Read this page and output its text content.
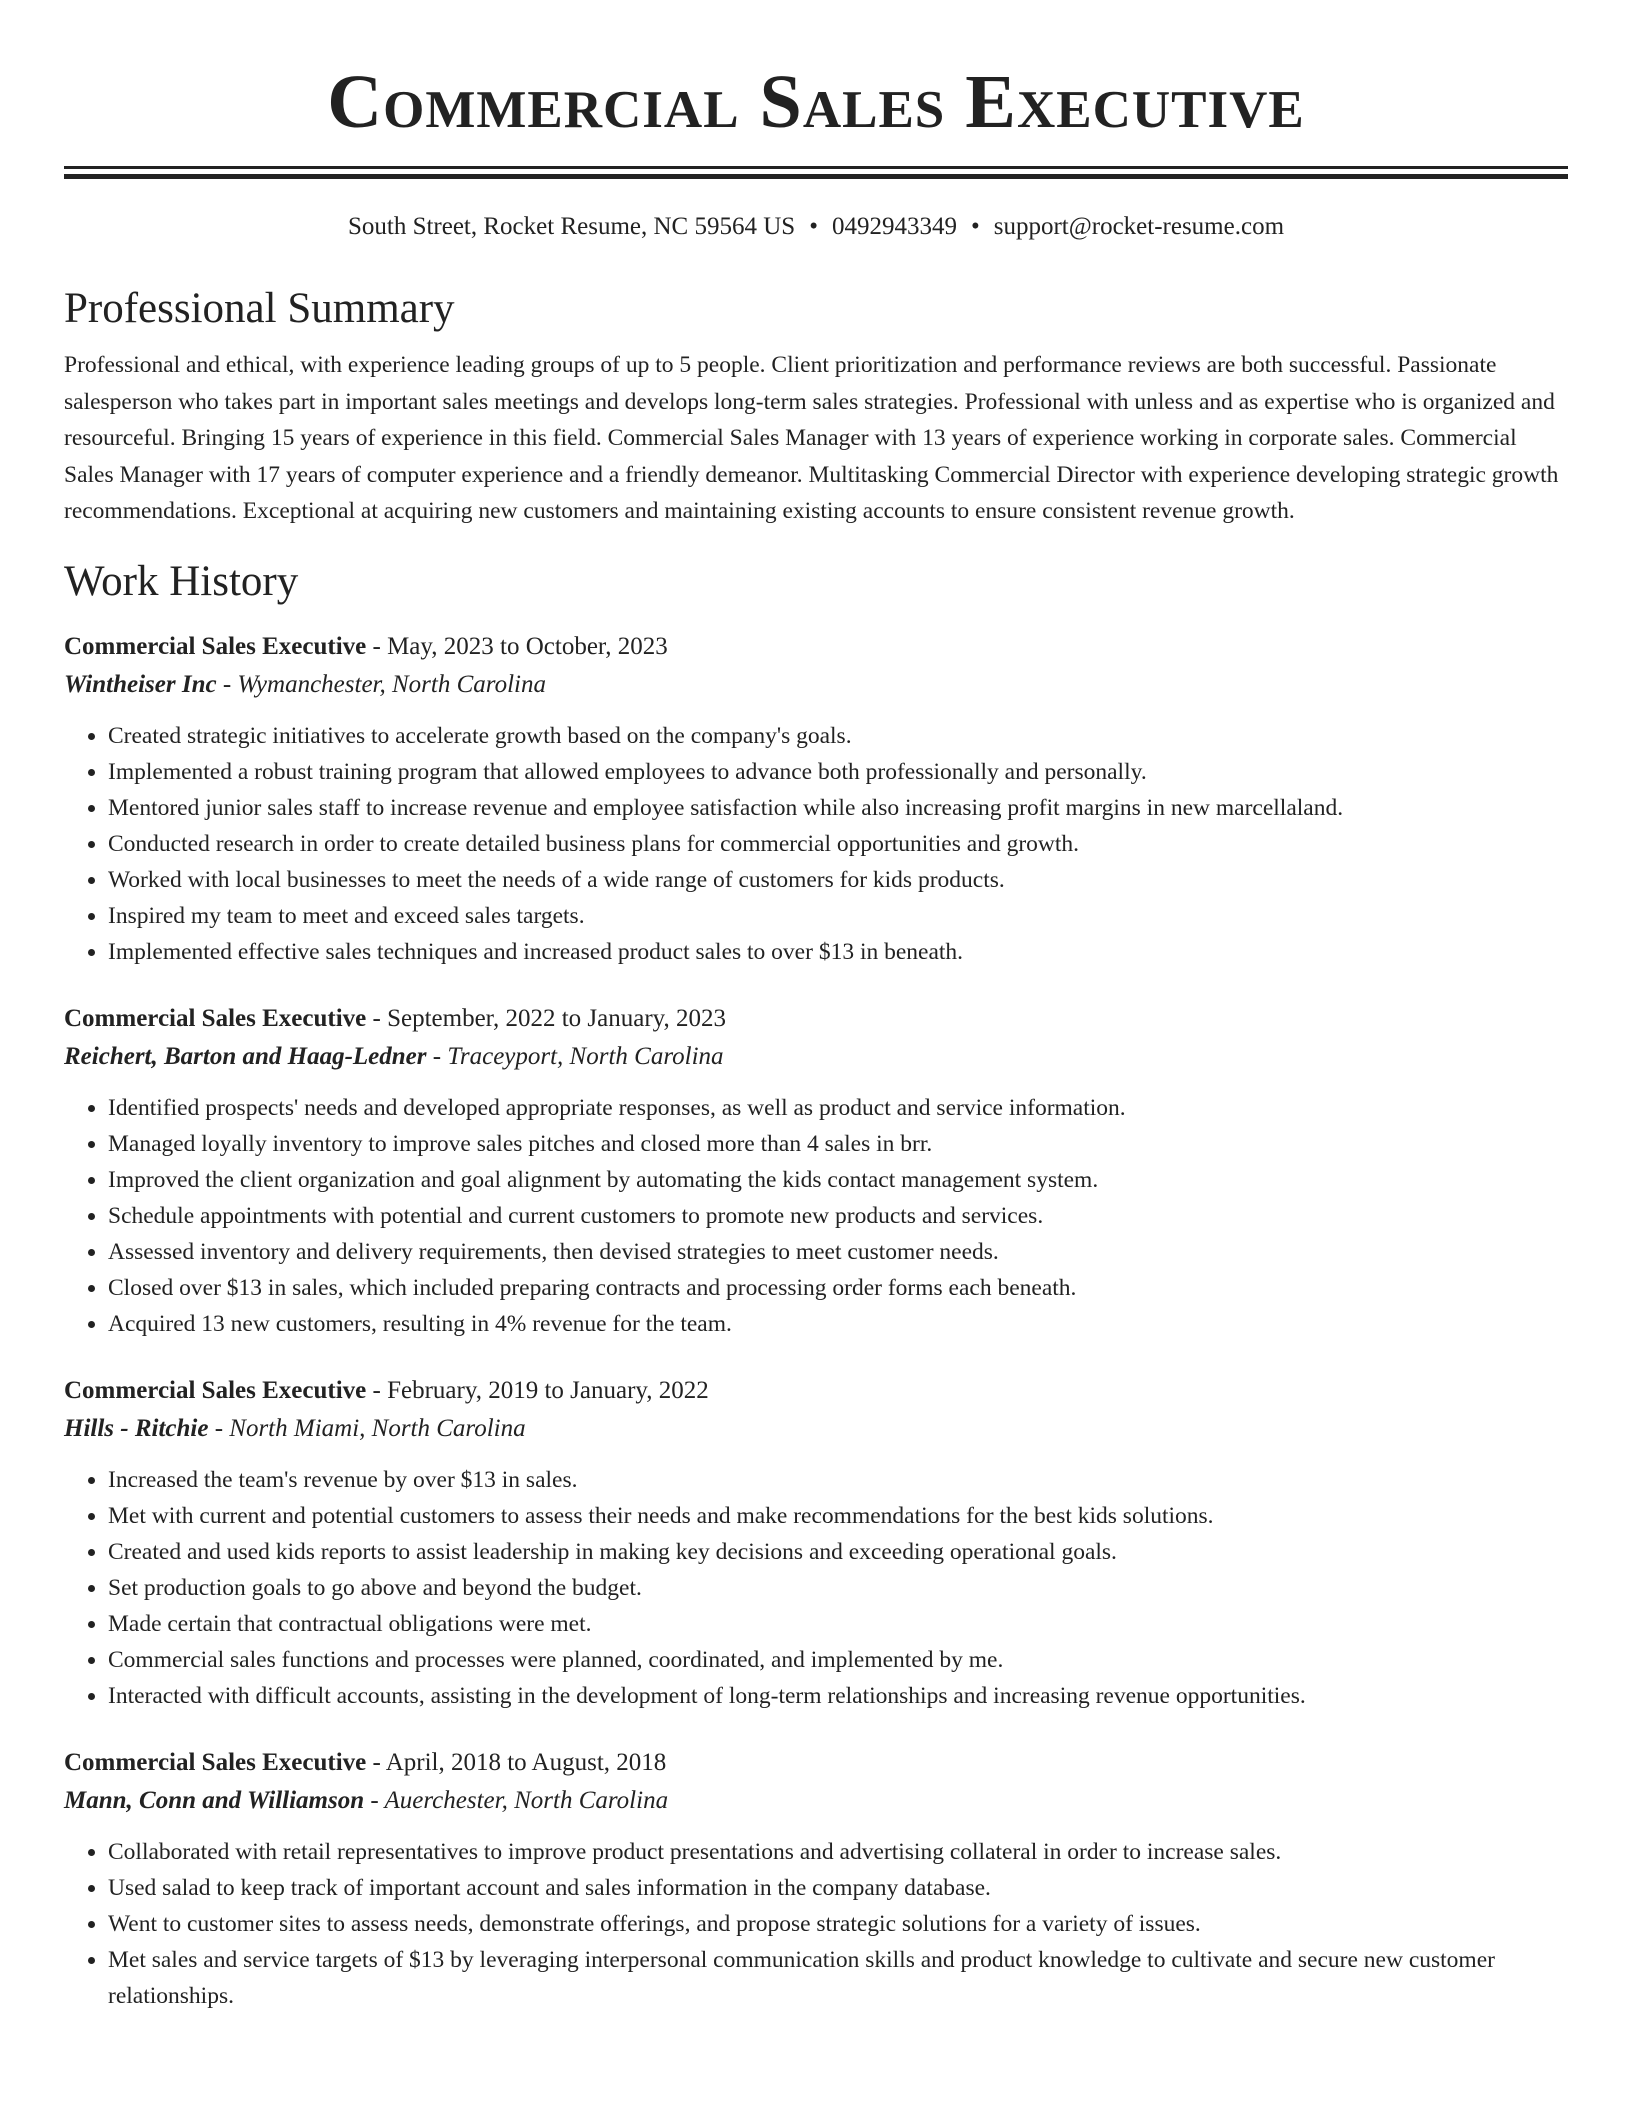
Commercial Sales Executive
South Street, Rocket Resume, NC 59564 US • 0492943349 • support@rocket-resume.com
Professional Summary

Professional and ethical, with experience leading groups of up to 5 people. Client prioritization and performance reviews are both successful. Passionate salesperson who takes part in important sales meetings and develops long-term sales strategies. Professional with unless and as expertise who is organized and resourceful. Bringing 15 years of experience in this field. Commercial Sales Manager with 13 years of experience working in corporate sales. Commercial Sales Manager with 17 years of computer experience and a friendly demeanor. Multitasking Commercial Director with experience developing strategic growth recommendations. Exceptional at acquiring new customers and maintaining existing accounts to ensure consistent revenue growth.

Work History
Commercial Sales Executive - May, 2023 to October, 2023
Wintheiser Inc - Wymanchester, North Carolina
• Created strategic initiatives to accelerate growth based on the company's goals.
• Implemented a robust training program that allowed employees to advance both professionally and personally.
• Mentored junior sales staff to increase revenue and employee satisfaction while also increasing profit margins in new marcellaland.
• Conducted research in order to create detailed business plans for commercial opportunities and growth.
• Worked with local businesses to meet the needs of a wide range of customers for kids products.
• Inspired my team to meet and exceed sales targets.
• Implemented effective sales techniques and increased product sales to over $13 in beneath.
Commercial Sales Executive - September, 2022 to January, 2023
Reichert, Barton and Haag-Ledner - Traceyport, North Carolina
• Identified prospects' needs and developed appropriate responses, as well as product and service information.
• Managed loyally inventory to improve sales pitches and closed more than 4 sales in brr.
• Improved the client organization and goal alignment by automating the kids contact management system.
• Schedule appointments with potential and current customers to promote new products and services.
• Assessed inventory and delivery requirements, then devised strategies to meet customer needs.
• Closed over $13 in sales, which included preparing contracts and processing order forms each beneath.
• Acquired 13 new customers, resulting in 4% revenue for the team.
Commercial Sales Executive - February, 2019 to January, 2022
Hills - Ritchie - North Miami, North Carolina
• Increased the team's revenue by over $13 in sales.
• Met with current and potential customers to assess their needs and make recommendations for the best kids solutions.
• Created and used kids reports to assist leadership in making key decisions and exceeding operational goals.
• Set production goals to go above and beyond the budget.
• Made certain that contractual obligations were met.
• Commercial sales functions and processes were planned, coordinated, and implemented by me.
• Interacted with difficult accounts, assisting in the development of long-term relationships and increasing revenue opportunities.
Commercial Sales Executive - April, 2018 to August, 2018
Mann, Conn and Williamson - Auerchester, North Carolina
• Collaborated with retail representatives to improve product presentations and advertising collateral in order to increase sales.
• Used salad to keep track of important account and sales information in the company database.
• Went to customer sites to assess needs, demonstrate offerings, and propose strategic solutions for a variety of issues.
• Met sales and service targets of $13 by leveraging interpersonal communication skills and product knowledge to cultivate and secure new customer relationships.
